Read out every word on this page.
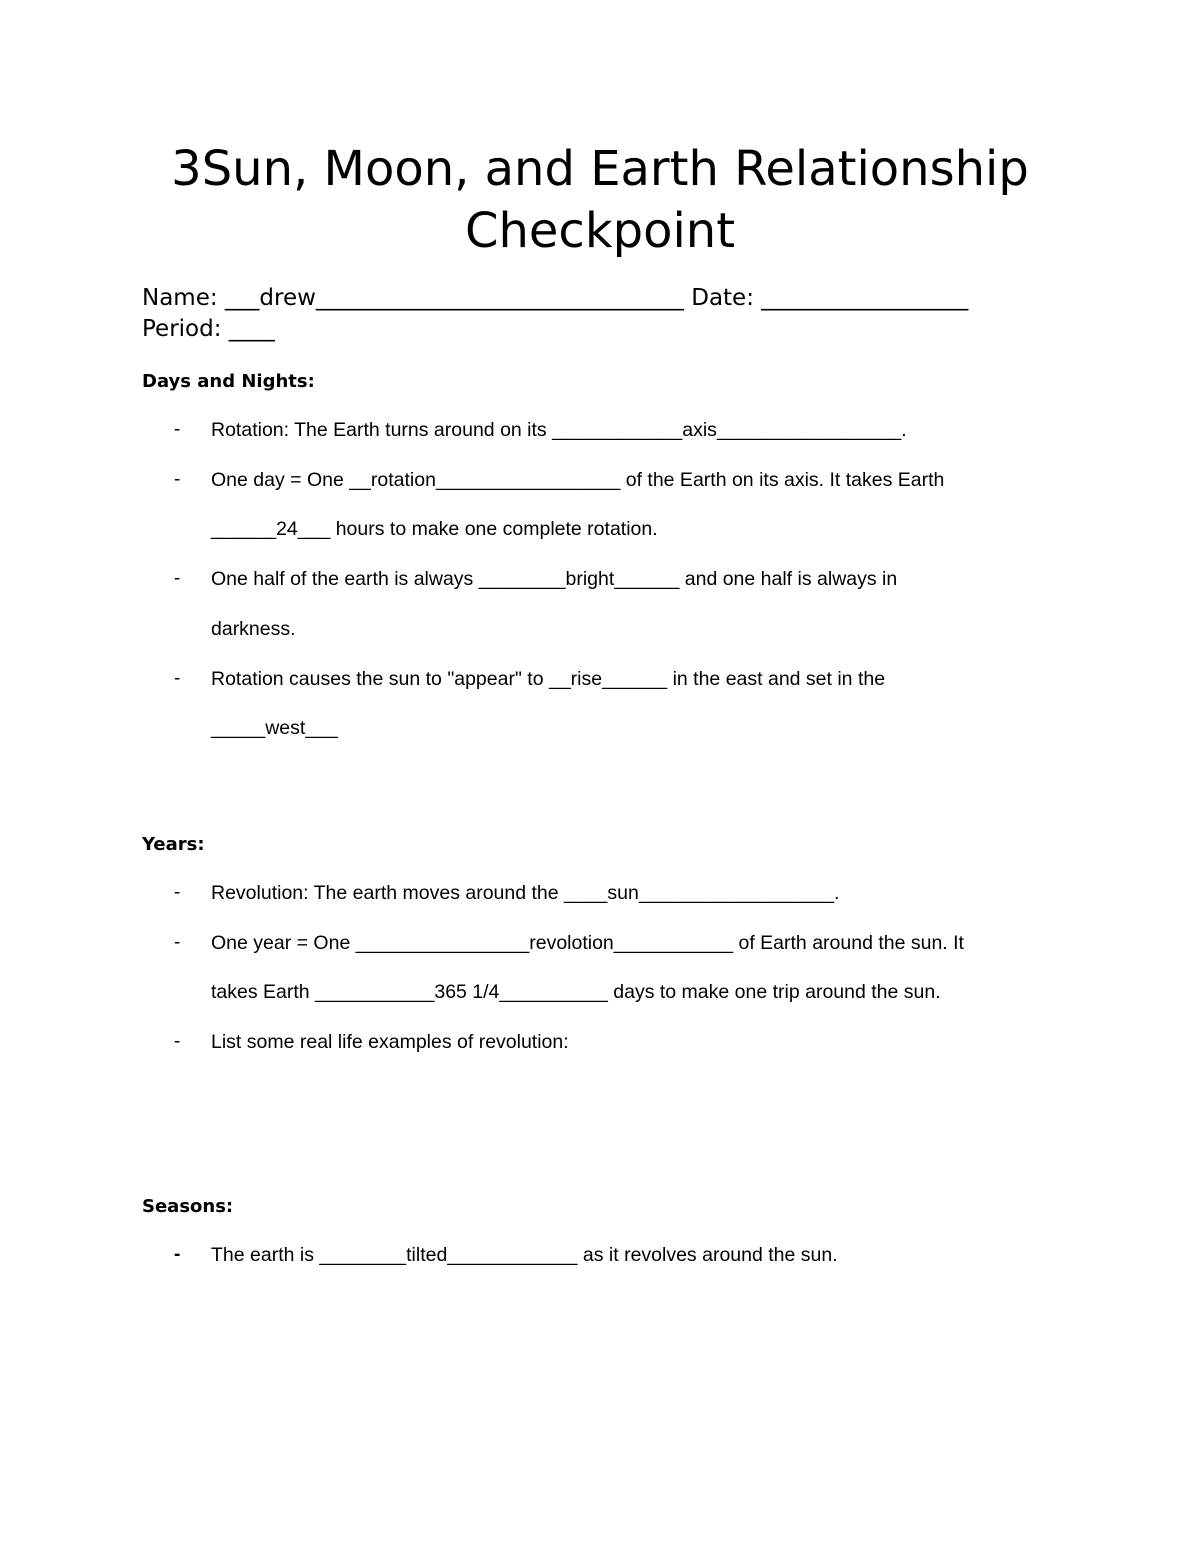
3Sun, Moon, and Earth Relationship
Checkpoint
Name: ___drew________________________________ Date: __________________
Period: ____
Days and Nights:
- Rotation: The Earth turns around on its ____________axis_________________.
- One day = One __rotation_________________ of the Earth on its axis. It takes Earth
______24___ hours to make one complete rotation.
- One half of the earth is always ________bright______ and one half is always in
darkness.
- Rotation causes the sun to "appear" to __rise______ in the east and set in the
_____west___
Years:
- Revolution: The earth moves around the ____sun__________________.
- One year = One ________________revolotion___________ of Earth around the sun. It
takes Earth ___________365 1/4__________ days to make one trip around the sun.
- List some real life examples of revolution:
Seasons:
- The earth is ________tilted____________ as it revolves around the sun.
